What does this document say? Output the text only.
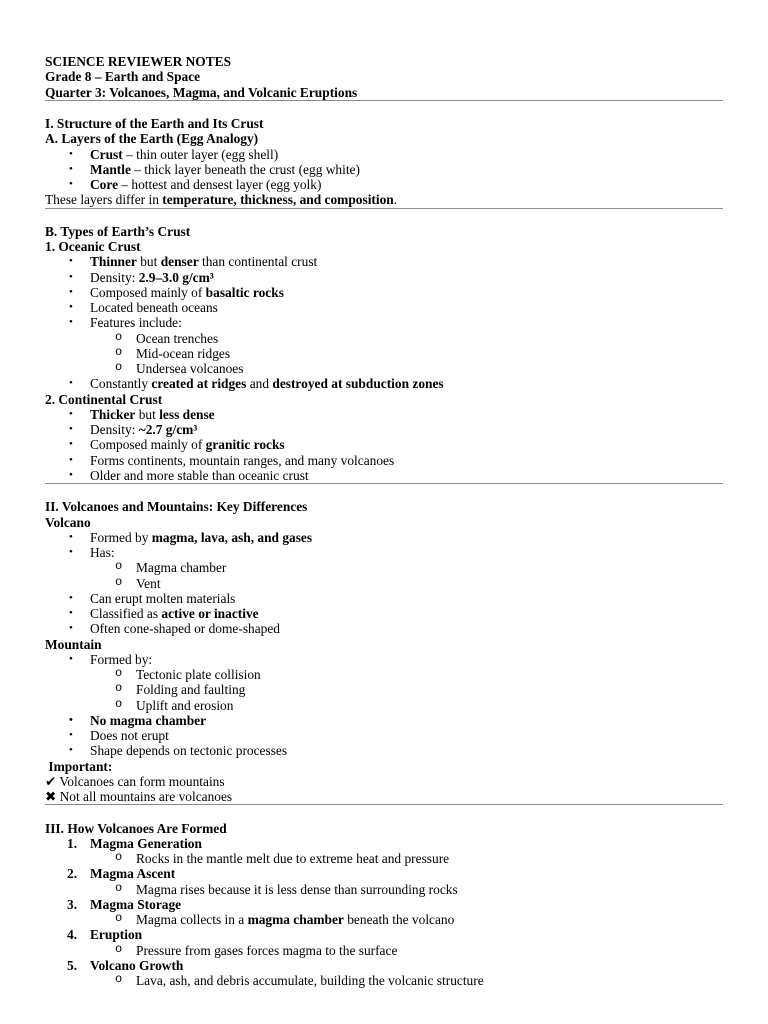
SCIENCE REVIEWER NOTES
Grade 8 – Earth and Space
Quarter 3: Volcanoes, Magma, and Volcanic Eruptions
I. Structure of the Earth and Its Crust
A. Layers of the Earth (Egg Analogy)
• Crust – thin outer layer (egg shell)
• Mantle – thick layer beneath the crust (egg white)
• Core – hottest and densest layer (egg yolk)
These layers differ in temperature, thickness, and composition.
B. Types of Earth’s Crust
1. Oceanic Crust
• Thinner but denser than continental crust
• Density: 2.9–3.0 g/cm³
• Composed mainly of basaltic rocks
• Located beneath oceans
• Features include:
o Ocean trenches
o Mid-ocean ridges
o Undersea volcanoes
• Constantly created at ridges and destroyed at subduction zones
2. Continental Crust
• Thicker but less dense
• Density: ~2.7 g/cm³
• Composed mainly of granitic rocks
• Forms continents, mountain ranges, and many volcanoes
• Older and more stable than oceanic crust
II. Volcanoes and Mountains: Key Differences
Volcano
• Formed by magma, lava, ash, and gases
• Has:
o Magma chamber
o Vent
• Can erupt molten materials
• Classified as active or inactive
• Often cone-shaped or dome-shaped
Mountain
• Formed by:
o Tectonic plate collision
o Folding and faulting
o Uplift and erosion
• No magma chamber
• Does not erupt
• Shape depends on tectonic processes
Important:
✔ Volcanoes can form mountains
✖ Not all mountains are volcanoes
III. How Volcanoes Are Formed
1. Magma Generation
o Rocks in the mantle melt due to extreme heat and pressure
2. Magma Ascent
o Magma rises because it is less dense than surrounding rocks
3. Magma Storage
o Magma collects in a magma chamber beneath the volcano
4. Eruption
o Pressure from gases forces magma to the surface
5. Volcano Growth
o Lava, ash, and debris accumulate, building the volcanic structure
